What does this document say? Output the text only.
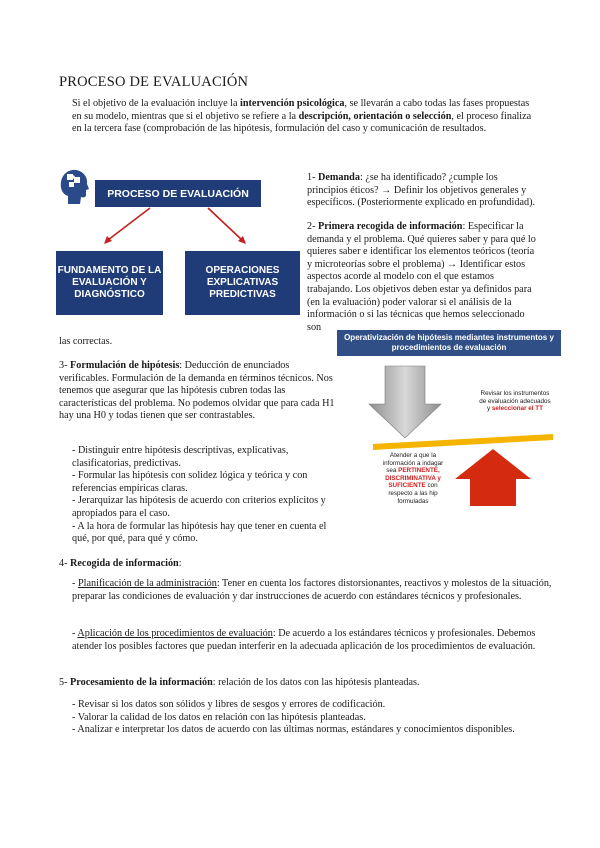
PROCESO DE EVALUACIÓN

Si el objetivo de la evaluación incluye la intervención psicológica, se llevarán a cabo todas las fases propuestas en su modelo, mientras que si el objetivo se refiere a la descripción, orientación o selección, el proceso finaliza en la tercera fase (comprobación de las hipótesis, formulación del caso y comunicación de resultados.

PROCESO DE EVALUACIÓN
FUNDAMENTO DE LA EVALUACIÓN Y DIAGNÓSTICO
OPERACIONES EXPLICATIVAS PREDICTIVAS

1- Demanda: ¿se ha identificado? ¿cumple los principios éticos? → Definir los objetivos generales y específicos. (Posteriormente explicado en profundidad).

2- Primera recogida de información: Especificar la demanda y el problema. Qué quieres saber y para qué lo quieres saber e identificar los elementos teóricos (teoría y microteorías sobre el problema) → Identificar estos aspectos acorde al modelo con el que estamos trabajando. Los objetivos deben estar ya definidos para (en la evaluación) poder valorar si el análisis de la información o si las técnicas que hemos seleccionado son

las correctas.	Operativización de hipótesis mediantes instrumentos y procedimientos de evaluación
Revisar los instrumentos de evaluación adecuados y seleccionar el TT
Atender a que la información a indagar sea PERTINENTE, DISCRIMINATIVA y SUFICIENTE con respecto a las hip formuladas

3- Formulación de hipótesis: Deducción de enunciados verificables. Formulación de la demanda en términos técnicos. Nos tenemos que asegurar que las hipótesis cubren todas las características del problema. No podemos olvidar que para cada H1 hay una H0 y todas tienen que ser contrastables.

- Distinguir entre hipótesis descriptivas, explicativas, clasificatorias, predictivas.

- Formular las hipótesis con solidez lógica y teórica y con referencias empíricas claras.

- Jerarquizar las hipótesis de acuerdo con criterios explícitos y apropiados para el caso.

- A la hora de formular las hipótesis hay que tener en cuenta el qué, por qué, para qué y cómo.

4- Recogida de información:

- Planificación de la administración: Tener en cuenta los factores distorsionantes, reactivos y molestos de la situación, preparar las condiciones de evaluación y dar instrucciones de acuerdo con estándares técnicos y profesionales.

- Aplicación de los procedimientos de evaluación: De acuerdo a los estándares técnicos y profesionales. Debemos atender los posibles factores que puedan interferir en la adecuada aplicación de los procedimientos de evaluación.

5- Procesamiento de la información: relación de los datos con las hipótesis planteadas.

- Revisar si los datos son sólidos y libres de sesgos y errores de codificación.

- Valorar la calidad de los datos en relación con las hipótesis planteadas.

- Analizar e interpretar los datos de acuerdo con las últimas normas, estándares y conocimientos disponibles.
